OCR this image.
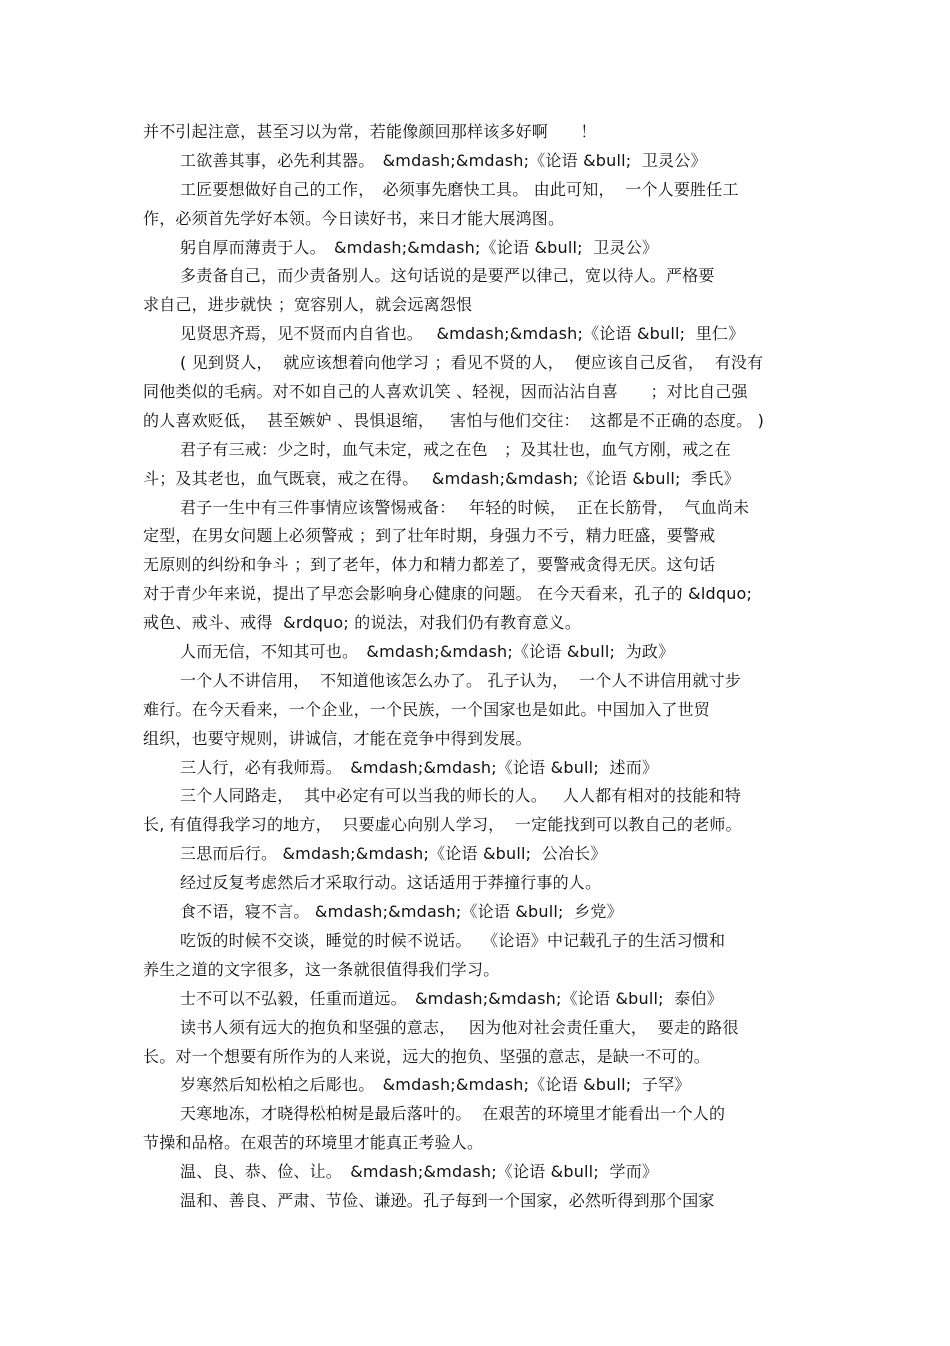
并不引起注意，甚至习以为常，若能像颜回那样该多好啊　　！
工欲善其事，必先利其器。　&mdash;&mdash;《论语 &bull;  卫灵公》
工匠要想做好自己的工作，　必须事先磨快工具。 由此可知，  一个人要胜任工
作，必须首先学好本领。今日读好书，来日才能大展鸿图。
躬自厚而薄责于人。　&mdash;&mdash;《论语 &bull;  卫灵公》
多责备自己，而少责备别人。这句话说的是要严以律己，宽以待人。严格要
求自己，进步就快 ；宽容别人，就会远离怨恨
见贤思齐焉，见不贤而内自省也。　 &mdash;&mdash;《论语 &bull;  里仁》
( 见到贤人，  就应该想着向他学习 ；看见不贤的人，  便应该自己反省，  有没有
同他类似的毛病。对不如自己的人喜欢讥笑 、轻视，因而沾沾自喜　　；对比自己强
的人喜欢贬低，  甚至嫉妒 、畏惧退缩，   害怕与他们交往：  这都是不正确的态度。 )
君子有三戒：少之时，血气未定，戒之在色　；及其壮也，血气方刚，戒之在
斗；及其老也，血气既衰，戒之在得。　 &mdash;&mdash;《论语 &bull;  季氏》
君子一生中有三件事情应该警惕戒备：　 年轻的时候，  正在长筋骨，  气血尚未
定型，在男女问题上必须警戒 ；到了壮年时期，身强力不亏，精力旺盛，要警戒
无原则的纠纷和争斗 ；到了老年，体力和精力都差了，要警戒贪得无厌。这句话
对于青少年来说，提出了早恋会影响身心健康的问题。 在今天看来，孔子的 &ldquo;
戒色、戒斗、戒得  &rdquo; 的说法，对我们仍有教育意义。
人而无信，不知其可也。　&mdash;&mdash;《论语 &bull;  为政》
一个人不讲信用，  不知道他该怎么办了。 孔子认为，  一个人不讲信用就寸步
难行。在今天看来，一个企业，一个民族，一个国家也是如此。中国加入了世贸
组织，也要守规则，讲诚信，才能在竞争中得到发展。
三人行，必有我师焉。　&mdash;&mdash;《论语 &bull;  述而》
三个人同路走，  其中必定有可以当我的师长的人。   人人都有相对的技能和特
长, 有值得我学习的地方，  只要虚心向别人学习，  一定能找到可以教自己的老师。
三思而后行。 &mdash;&mdash;《论语 &bull;  公冶长》
经过反复考虑然后才采取行动。这话适用于莽撞行事的人。
食不语，寝不言。 &mdash;&mdash;《论语 &bull;  乡党》
吃饭的时候不交谈，睡觉的时候不说话。  《论语》中记载孔子的生活习惯和
养生之道的文字很多，这一条就很值得我们学习。
士不可以不弘毅，任重而道远。　&mdash;&mdash;《论语 &bull;  泰伯》
读书人须有远大的抱负和坚强的意志，　 因为他对社会责任重大，  要走的路很
长。对一个想要有所作为的人来说，远大的抱负、坚强的意志，是缺一不可的。
岁寒然后知松柏之后彫也。　&mdash;&mdash;《论语 &bull;  子罕》
天寒地冻，才晓得松柏树是最后落叶的。  在艰苦的环境里才能看出一个人的
节操和品格。在艰苦的环境里才能真正考验人。
温、良、恭、俭、让。　&mdash;&mdash;《论语 &bull;  学而》
温和、善良、严肃、节俭、谦逊。孔子每到一个国家，必然听得到那个国家
